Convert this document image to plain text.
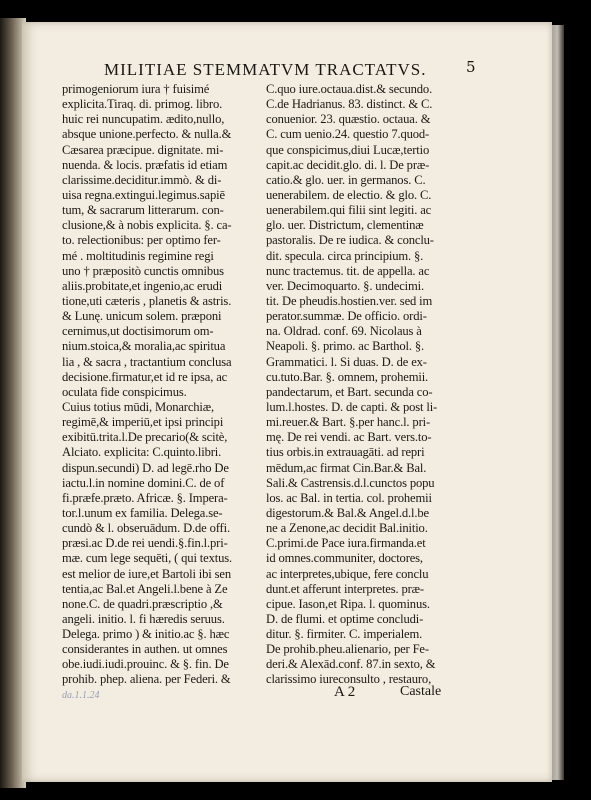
MILITIAE STEMMATVM TRACTATVS.	5
primogeniorum iura † fuisimé
explicita.Tiraq. di. primog. libro.
huic rei nuncupatim. ædito,nullo,
absque unione.perfecto. & nulla.&
Cæsarea præcipue. dignitate. mi-
nuenda. & locis. præfatis id etiam
clarissime.deciditur.immò. & di-
uisa regna.extingui.legimus.sapiē
tum, & sacrarum litterarum. con-
clusione,& à nobis explicita. §. ca-
to. relectionibus: per optimo fer-
mé . moltitudinis regimine regi
uno † præpositò cunctis omnibus
aliis.probitate,et ingenio,ac erudi
tione,uti cæteris , planetis & astris.
& Lunę. unicum solem. præponi
cernimus,ut doctisimorum om-
nium.stoica,& moralia,ac spiritua
lia , & sacra , tractantium conclusa
decisione.firmatur,et id re ipsa, ac
oculata fide conspicimus.
Cuius totius mūdi, Monarchiæ,
regimē,& imperiū,et ipsi principi
exibitū.trita.l.De precario(& scitè,
Alciato. explicita: C.quinto.libri.
dispun.secundi) D. ad legē.rho De
iactu.l.in nomine domini.C. de of
fi.præfe.præto. Africæ. §. Impera-
tor.l.unum ex familia. Delega.se-
cundò & l. obseruādum. D.de offi.
præsi.ac D.de rei uendi.§.fin.l.pri-
mæ. cum lege sequēti, ( qui textus.
est melior de iure,et Bartoli ibi sen
tentia,ac Bal.et Angeli.l.bene à Ze
none.C. de quadri.præscriptio ,&
angeli. initio. l. fi hæredis seruus.
Delega. primo ) & initio.ac §. hæc
considerantes in authen. ut omnes
obe.iudi.iudi.prouinc. & §. fin. De
prohib. phep. aliena. per Federi. &
C.quo iure.octaua.dist.& secundo.
C.de Hadrianus. 83. distinct. & C.
conuenior. 23. quæstio. octaua. &
C. cum uenio.24. questio 7.quod-
que conspicimus,diui Lucæ,tertio
capit.ac decidit.glo. di. l. De præ-
catio.& glo. uer. in germanos. C.
uenerabilem. de electio. & glo. C.
uenerabilem.qui filii sint legiti. ac
glo. uer. Districtum, clementinæ
pastoralis. De re iudica. & conclu-
dit. specula. circa principium. §.
nunc tractemus. tit. de appella. ac
ver. Decimoquarto. §. undecimi.
tit. De pheudis.hostien.ver. sed im
perator.summæ. De officio. ordi-
na. Oldrad. conf. 69. Nicolaus à
Neapoli. §. primo. ac Barthol. §.
Grammatici. l. Si duas. D. de ex-
cu.tuto.Bar. §. omnem, prohemii.
pandectarum, et Bart. secunda co-
lum.l.hostes. D. de capti. & post li-
mi.reuer.& Bart. §.per hanc.l. pri-
mę. De rei vendi. ac Bart. vers.to-
tius orbis.in extrauagāti. ad repri
mēdum,ac firmat Cin.Bar.& Bal.
Sali.& Castrensis.d.l.cunctos popu
los. ac Bal. in tertia. col. prohemii
digestorum.& Bal.& Angel.d.l.be
ne a Zenone,ac decidit Bal.initio.
C.primi.de Pace iura.firmanda.et
id omnes.communiter, doctores,
ac interpretes,ubique, fere conclu
dunt.et afferunt interpretes. præ-
cipue. Iason,et Ripa. l. quominus.
D. de flumi. et optime concludi-
ditur. §. firmiter. C. imperialem.
De prohib.pheu.alienario, per Fe-
deri.& Alexād.conf. 87.in sexto, &
clarissimo iureconsulto , restauro,
da.1.1.24	A 2	Castale
